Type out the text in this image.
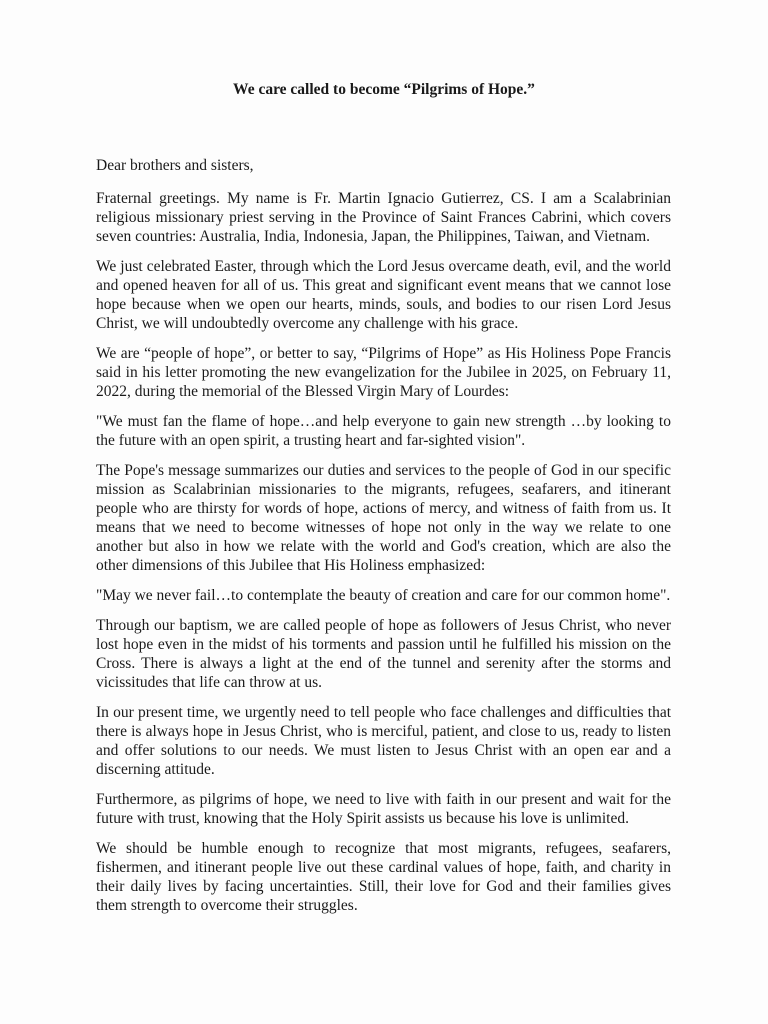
We care called to become “Pilgrims of Hope.”

Dear brothers and sisters,

Fraternal greetings. My name is Fr. Martin Ignacio Gutierrez, CS. I am a Scalabrinian religious missionary priest serving in the Province of Saint Frances Cabrini, which covers seven countries: Australia, India, Indonesia, Japan, the Philippines, Taiwan, and Vietnam.

We just celebrated Easter, through which the Lord Jesus overcame death, evil, and the world and opened heaven for all of us. This great and significant event means that we cannot lose hope because when we open our hearts, minds, souls, and bodies to our risen Lord Jesus Christ, we will undoubtedly overcome any challenge with his grace.

We are “people of hope”, or better to say, “Pilgrims of Hope” as His Holiness Pope Francis said in his letter promoting the new evangelization for the Jubilee in 2025, on February 11, 2022, during the memorial of the Blessed Virgin Mary of Lourdes:

"We must fan the flame of hope…and help everyone to gain new strength …by looking to the future with an open spirit, a trusting heart and far-sighted vision".

The Pope's message summarizes our duties and services to the people of God in our specific mission as Scalabrinian missionaries to the migrants, refugees, seafarers, and itinerant people who are thirsty for words of hope, actions of mercy, and witness of faith from us. It means that we need to become witnesses of hope not only in the way we relate to one another but also in how we relate with the world and God's creation, which are also the other dimensions of this Jubilee that His Holiness emphasized:

"May we never fail…to contemplate the beauty of creation and care for our common home".

Through our baptism, we are called people of hope as followers of Jesus Christ, who never lost hope even in the midst of his torments and passion until he fulfilled his mission on the Cross. There is always a light at the end of the tunnel and serenity after the storms and vicissitudes that life can throw at us.

In our present time, we urgently need to tell people who face challenges and difficulties that there is always hope in Jesus Christ, who is merciful, patient, and close to us, ready to listen and offer solutions to our needs. We must listen to Jesus Christ with an open ear and a discerning attitude.

Furthermore, as pilgrims of hope, we need to live with faith in our present and wait for the future with trust, knowing that the Holy Spirit assists us because his love is unlimited.

We should be humble enough to recognize that most migrants, refugees, seafarers, fishermen, and itinerant people live out these cardinal values of hope, faith, and charity in their daily lives by facing uncertainties. Still, their love for God and their families gives them strength to overcome their struggles.
